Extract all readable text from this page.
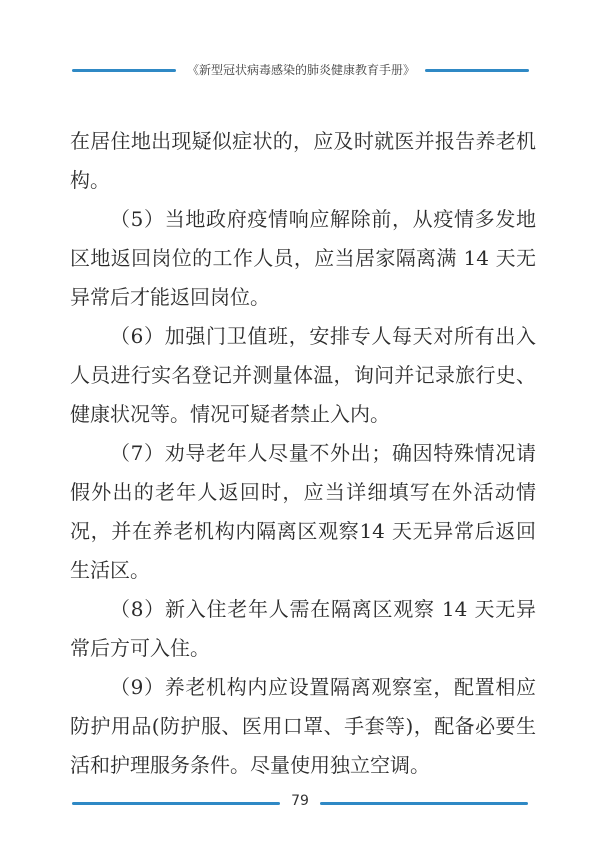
《新型冠状病毒感染的肺炎健康教育手册》

在居住地出现疑似症状的，应及时就医并报告养老机构。

（5）当地政府疫情响应解除前，从疫情多发地区地返回岗位的工作人员，应当居家隔离满 14 天无异常后才能返回岗位。

（6）加强门卫值班，安排专人每天对所有出入人员进行实名登记并测量体温，询问并记录旅行史、健康状况等。情况可疑者禁止入内。

（7）劝导老年人尽量不外出；确因特殊情况请假外出的老年人返回时，应当详细填写在外活动情况，并在养老机构内隔离区观察14 天无异常后返回生活区。

（8）新入住老年人需在隔离区观察 14 天无异常后方可入住。

（9）养老机构内应设置隔离观察室，配置相应防护用品(防护服、医用口罩、手套等)，配备必要生活和护理服务条件。尽量使用独立空调。

79
